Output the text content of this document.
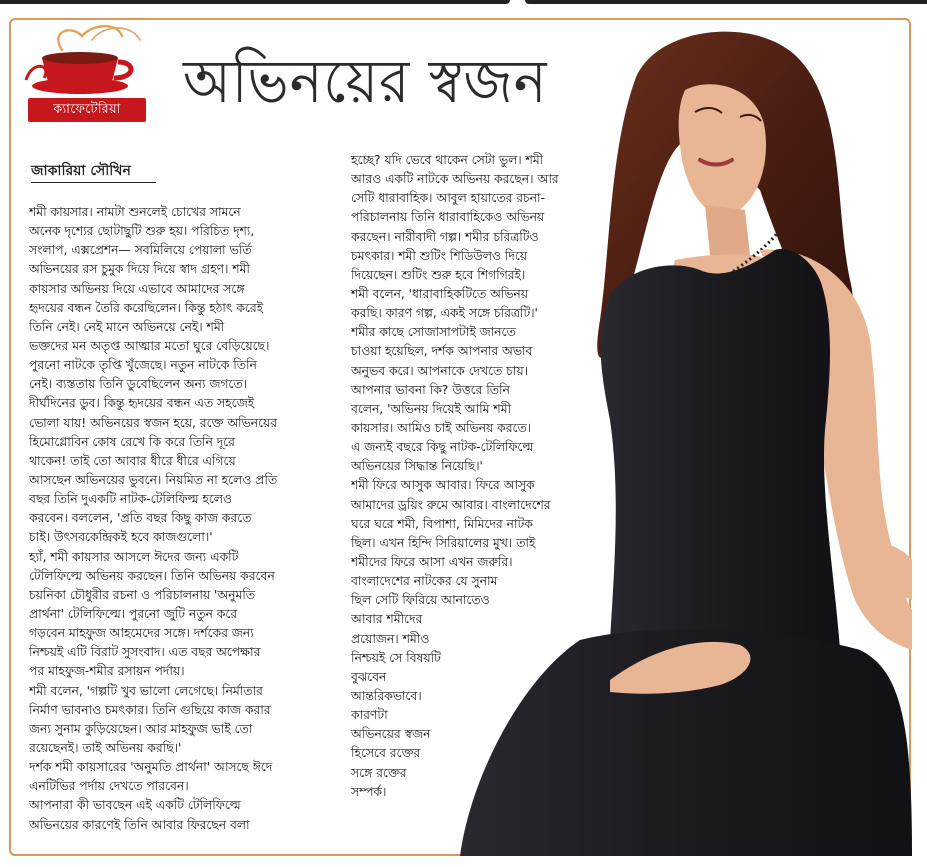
ক্যাফেটেরিয়া	অভিনয়ের স্বজন
জাকারিয়া সৌখিন
শমী কায়সার। নামটা শুনলেই চোখের সামনে
অনেক দৃশ্যের ছোটাছুটি শুরু হয়। পরিচিত দৃশ্য,
সংলাপ, এক্সপ্রেশন— সবমিলিয়ে পেয়ালা ভর্তি
অভিনয়ের রস চুমুক দিয়ে দিয়ে স্বাদ গ্রহণ। শমী
কায়সার অভিনয় দিয়ে এভাবে আমাদের সঙ্গে
হৃদয়ের বন্ধন তৈরি করেছিলেন। কিন্তু হঠাৎ করেই
তিনি নেই। নেই মানে অভিনয়ে নেই। শমী
ভক্তদের মন অতৃপ্ত আত্মার মতো ঘুরে বেড়িয়েছে।
পুরনো নাটকে তৃপ্তি খুঁজেছে। নতুন নাটকে তিনি
নেই। ব্যস্ততায় তিনি ডুবেছিলেন অন্য জগতে।
দীর্ঘদিনের ডুব। কিন্তু হৃদয়ের বন্ধন এত সহজেই
ভোলা যায়! অভিনয়ের স্বজন হয়ে, রক্তে অভিনয়ের
হিমোগ্লোবিন কোষ রেখে কি করে তিনি দূরে
থাকেন! তাই তো আবার ধীরে ধীরে এগিয়ে
আসছেন অভিনয়ের ভুবনে। নিয়মিত না হলেও প্রতি
বছর তিনি দুএকটি নাটক-টেলিফিল্ম হলেও
করবেন। বললেন, 'প্রতি বছর কিছু কাজ করতে
চাই। উৎসবকেন্দ্রিকই হবে কাজগুলো।'
হ্যাঁ, শমী কায়সার আসলে ঈদের জন্য একটি
টেলিফিল্মে অভিনয় করছেন। তিনি অভিনয় করবেন
চয়নিকা চৌধুরীর রচনা ও পরিচালনায় 'অনুমতি
প্রার্থনা' টেলিফিল্মে। পুরনো জুটি নতুন করে
গড়বেন মাহফুজ আহমেদের সঙ্গে। দর্শকের জন্য
নিশ্চয়ই এটি বিরাট সুসংবাদ। এত বছর অপেক্ষার
পর মাহফুজ-শমীর রসায়ন পর্দায়।
শমী বলেন, 'গল্পটি খুব ভালো লেগেছে। নির্মাতার
নির্মাণ ভাবনাও চমৎকার। তিনি গুছিয়ে কাজ করার
জন্য সুনাম কুড়িয়েছেন। আর মাহফুজ ভাই তো
রয়েছেনই। তাই অভিনয় করছি।'
দর্শক শমী কায়সারের 'অনুমতি প্রার্থনা' আসছে ঈদে
এনটিভির পর্দায় দেখতে পারবেন।
আপনারা কী ভাবছেন এই একটি টেলিফিল্মে
অভিনয়ের কারণেই তিনি আবার ফিরছেন বলা
হচ্ছে? যদি ভেবে থাকেন সেটা ভুল। শমী
আরও একটি নাটকে অভিনয় করছেন। আর
সেটি ধারাবাহিক। আবুল হায়াতের রচনা-
পরিচালনায় তিনি ধারাবাহিকেও অভিনয়
করছেন। নারীবাদী গল্প। শমীর চরিত্রটিও
চমৎকার। শমী শুটিং শিডিউলও দিয়ে
দিয়েছেন। শুটিং শুরু হবে শিগগিরই।
শমী বলেন, 'ধারাবাহিকটিতে অভিনয়
করছি। কারণ গল্প, একই সঙ্গে চরিত্রটি।'
শমীর কাছে সোজাসাপটাই জানতে
চাওয়া হয়েছিল, দর্শক আপনার অভাব
অনুভব করে। আপনাকে দেখতে চায়।
আপনার ভাবনা কি? উত্তরে তিনি
বলেন, 'অভিনয় দিয়েই আমি শমী
কায়সার। আমিও চাই অভিনয় করতে।
এ জন্যই বছরে কিছু নাটক-টেলিফিল্মে
অভিনয়ের সিদ্ধান্ত নিয়েছি।'
শমী ফিরে আসুক আবার। ফিরে আসুক
আমাদের ড্রয়িং রুমে আবার। বাংলাদেশের
ঘরে ঘরে শমী, বিপাশা, মিমিদের নাটক
ছিল। এখন হিন্দি সিরিয়ালের মুখ। তাই
শমীদের ফিরে আসা এখন জরুরি।
বাংলাদেশের নাটকের যে সুনাম
ছিল সেটি ফিরিয়ে আনাতেও
আবার শমীদের
প্রয়োজন। শমীও
নিশ্চয়ই সে বিষয়টি
বুঝবেন
আন্তরিকভাবে।
কারণটা
অভিনয়ের স্বজন
হিসেবে রক্তের
সঙ্গে রক্তের
সম্পর্ক।
